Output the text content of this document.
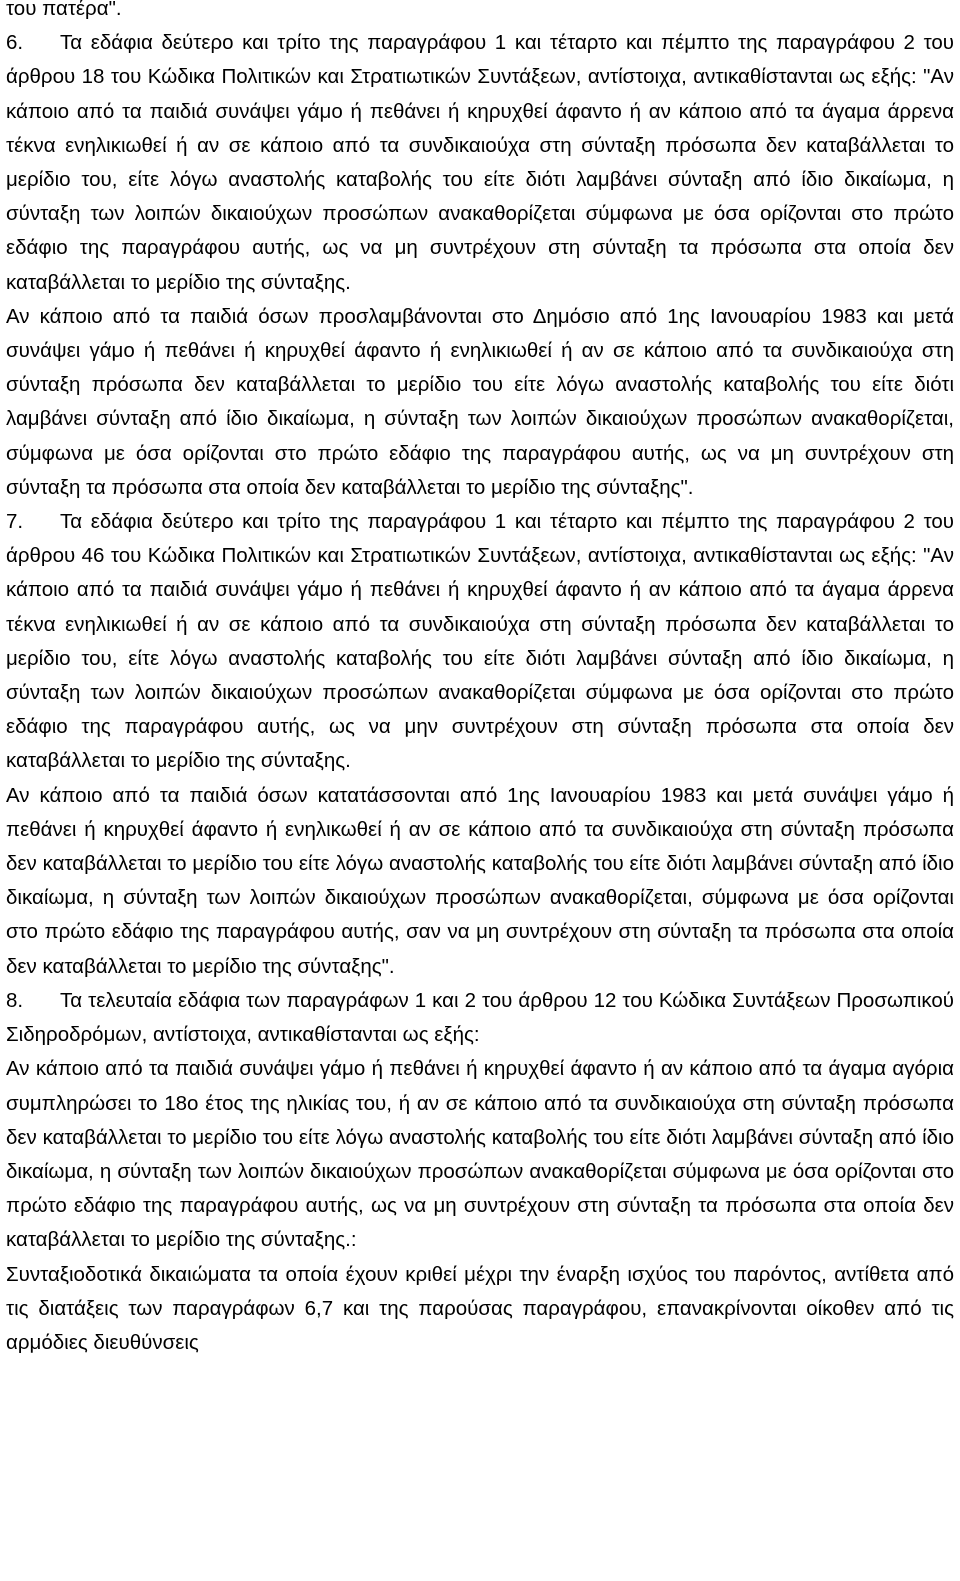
του πατέρα".

6. Τα εδάφια δεύτερο και τρίτο της παραγράφου 1 και τέταρτο και πέμπτο της παραγράφου 2 του άρθρου 18 του Κώδικα Πολιτικών και Στρατιωτικών Συντάξεων, αντίστοιχα, αντικαθίστανται ως εξής: "Αν κάποιο από τα παιδιά συνάψει γάμο ή πεθάνει ή κηρυχθεί άφαντο ή αν κάποιο από τα άγαμα άρρενα τέκνα ενηλικιωθεί ή αν σε κάποιο από τα συνδικαιούχα στη σύνταξη πρόσωπα δεν καταβάλλεται το μερίδιο του, είτε λόγω αναστολής καταβολής του είτε διότι λαμβάνει σύνταξη από ίδιο δικαίωμα, η σύνταξη των λοιπών δικαιούχων προσώπων ανακαθορίζεται σύμφωνα με όσα ορίζονται στο πρώτο εδάφιο της παραγράφου αυτής, ως να μη συντρέχουν στη σύνταξη τα πρόσωπα στα οποία δεν καταβάλλεται το μερίδιο της σύνταξης.

Αν κάποιο από τα παιδιά όσων προσλαμβάνονται στο Δημόσιο από 1ης Ιανουαρίου 1983 και μετά συνάψει γάμο ή πεθάνει ή κηρυχθεί άφαντο ή ενηλικιωθεί ή αν σε κάποιο από τα συνδικαιούχα στη σύνταξη πρόσωπα δεν καταβάλλεται το μερίδιο του είτε λόγω αναστολής καταβολής του είτε διότι λαμβάνει σύνταξη από ίδιο δικαίωμα, η σύνταξη των λοιπών δικαιούχων προσώπων ανακαθορίζεται, σύμφωνα με όσα ορίζονται στο πρώτο εδάφιο της παραγράφου αυτής, ως να μη συντρέχουν στη σύνταξη τα πρόσωπα στα οποία δεν καταβάλλεται το μερίδιο της σύνταξης".

7. Τα εδάφια δεύτερο και τρίτο της παραγράφου 1 και τέταρτο και πέμπτο της παραγράφου 2 του άρθρου 46 του Κώδικα Πολιτικών και Στρατιωτικών Συντάξεων, αντίστοιχα, αντικαθίστανται ως εξής: "Αν κάποιο από τα παιδιά συνάψει γάμο ή πεθάνει ή κηρυχθεί άφαντο ή αν κάποιο από τα άγαμα άρρενα τέκνα ενηλικιωθεί ή αν σε κάποιο από τα συνδικαιούχα στη σύνταξη πρόσωπα δεν καταβάλλεται το μερίδιο του, είτε λόγω αναστολής καταβολής του είτε διότι λαμβάνει σύνταξη από ίδιο δικαίωμα, η σύνταξη των λοιπών δικαιούχων προσώπων ανακαθορίζεται σύμφωνα με όσα ορίζονται στο πρώτο εδάφιο της παραγράφου αυτής, ως να μην συντρέχουν στη σύνταξη πρόσωπα στα οποία δεν καταβάλλεται το μερίδιο της σύνταξης.

Αν κάποιο από τα παιδιά όσων κατατάσσονται από 1ης Ιανουαρίου 1983 και μετά συνάψει γάμο ή πεθάνει ή κηρυχθεί άφαντο ή ενηλικωθεί ή αν σε κάποιο από τα συνδικαιούχα στη σύνταξη πρόσωπα δεν καταβάλλεται το μερίδιο του είτε λόγω αναστολής καταβολής του είτε διότι λαμβάνει σύνταξη από ίδιο δικαίωμα, η σύνταξη των λοιπών δικαιούχων προσώπων ανακαθορίζεται, σύμφωνα με όσα ορίζονται στο πρώτο εδάφιο της παραγράφου αυτής, σαν να μη συντρέχουν στη σύνταξη τα πρόσωπα στα οποία δεν καταβάλλεται το μερίδιο της σύνταξης".

8. Τα τελευταία εδάφια των παραγράφων 1 και 2 του άρθρου 12 του Κώδικα Συντάξεων Προσωπικού Σιδηροδρόμων, αντίστοιχα, αντικαθίστανται ως εξής:

Αν κάποιο από τα παιδιά συνάψει γάμο ή πεθάνει ή κηρυχθεί άφαντο ή αν κάποιο από τα άγαμα αγόρια συμπληρώσει το 18ο έτος της ηλικίας του, ή αν σε κάποιο από τα συνδικαιούχα στη σύνταξη πρόσωπα δεν καταβάλλεται το μερίδιο του είτε λόγω αναστολής καταβολής του είτε διότι λαμβάνει σύνταξη από ίδιο δικαίωμα, η σύνταξη των λοιπών δικαιούχων προσώπων ανακαθορίζεται σύμφωνα με όσα ορίζονται στο πρώτο εδάφιο της παραγράφου αυτής, ως να μη συντρέχουν στη σύνταξη τα πρόσωπα στα οποία δεν καταβάλλεται το μερίδιο της σύνταξης.:

Συνταξιοδοτικά δικαιώματα τα οποία έχουν κριθεί μέχρι την έναρξη ισχύος του παρόντος, αντίθετα από τις διατάξεις των παραγράφων 6,7 και της παρούσας παραγράφου, επανακρίνονται οίκοθεν από τις αρμόδιες διευθύνσεις
